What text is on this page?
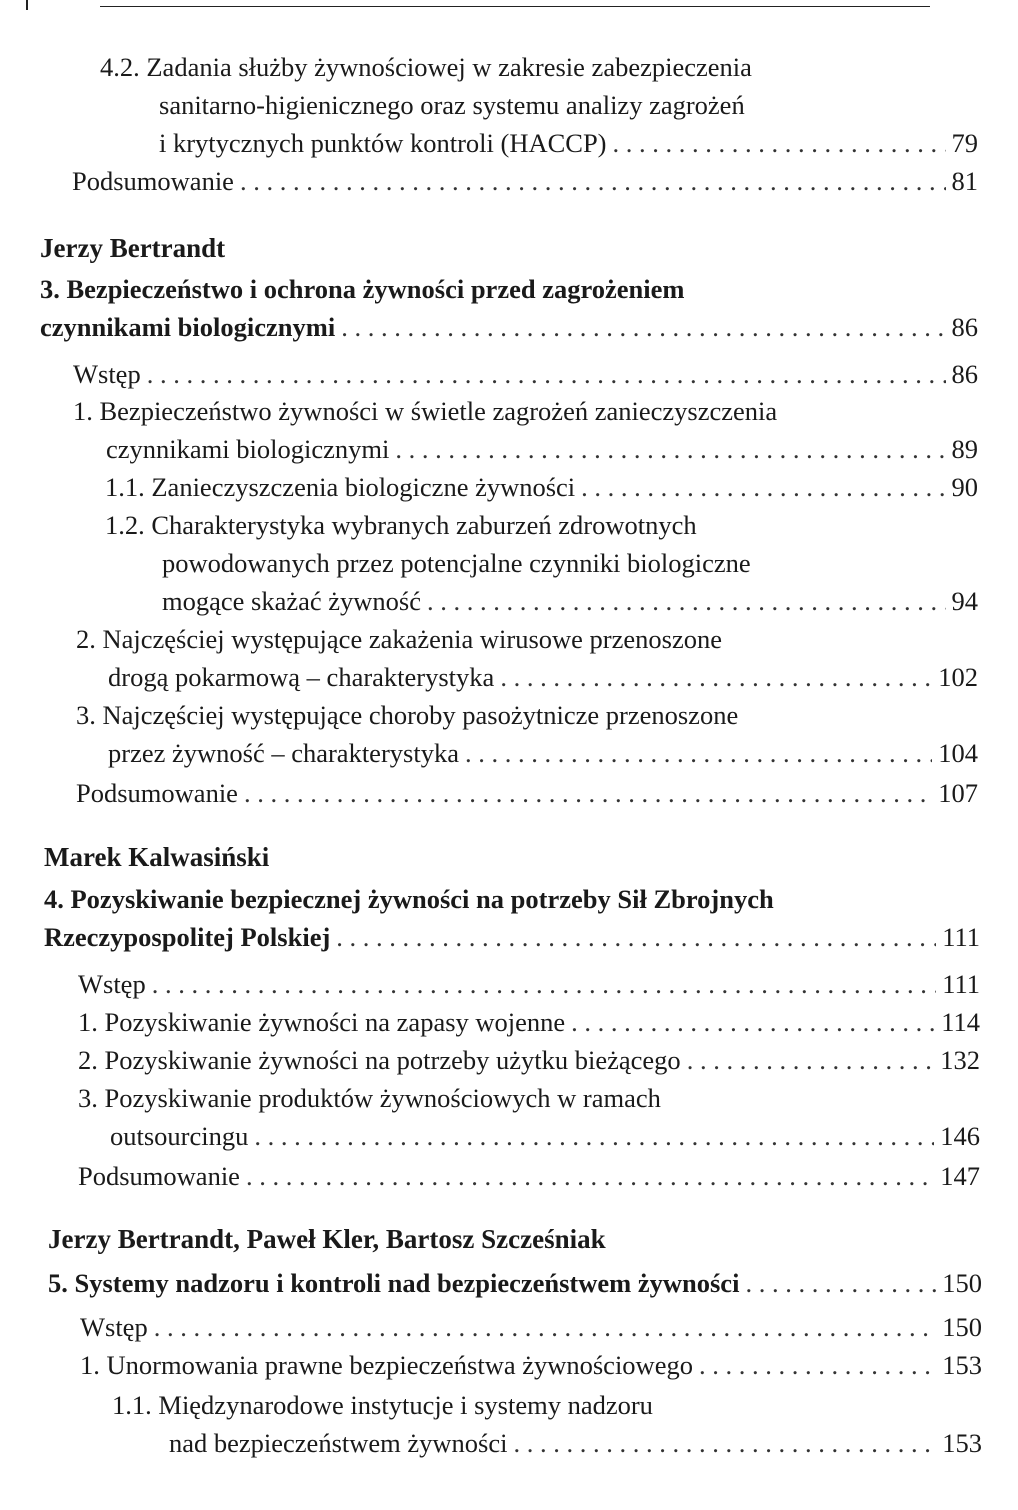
Jerzy Bertrandt
Marek Kalwasiński
Jerzy Bertrandt, Paweł Kler, Bartosz Szcześniak
4.2. Zadania służby żywnościowej w zakresie zabezpieczenia
sanitarno-higienicznego oraz systemu analizy zagrożeń
i krytycznych punktów kontroli (HACCP) . . .	79
Podsumowanie . . .	81
3. Bezpieczeństwo i ochrona żywności przed zagrożeniem
czynnikami biologicznymi . . .	86
Wstęp . . .	86
1. Bezpieczeństwo żywności w świetle zagrożeń zanieczyszczenia
czynnikami biologicznymi . . .	89
1.1. Zanieczyszczenia biologiczne żywności . . .	90
1.2. Charakterystyka wybranych zaburzeń zdrowotnych
powodowanych przez potencjalne czynniki biologiczne
mogące skażać żywność . . .	94
2. Najczęściej występujące zakażenia wirusowe przenoszone
drogą pokarmową – charakterystyka . . .	102
3. Najczęściej występujące choroby pasożytnicze przenoszone
przez żywność – charakterystyka . . .	104
Podsumowanie . . .	107
4. Pozyskiwanie bezpiecznej żywności na potrzeby Sił Zbrojnych
Rzeczypospolitej Polskiej . . .	111
Wstęp . . .	111
1. Pozyskiwanie żywności na zapasy wojenne . . .	114
2. Pozyskiwanie żywności na potrzeby użytku bieżącego . . .	132
3. Pozyskiwanie produktów żywnościowych w ramach
outsourcingu . . .	146
Podsumowanie . . .	147
5. Systemy nadzoru i kontroli nad bezpieczeństwem żywności . . .	150
Wstęp . . .	150
1. Unormowania prawne bezpieczeństwa żywnościowego . . .	153
1.1. Międzynarodowe instytucje i systemy nadzoru
nad bezpieczeństwem żywności . . .	153
